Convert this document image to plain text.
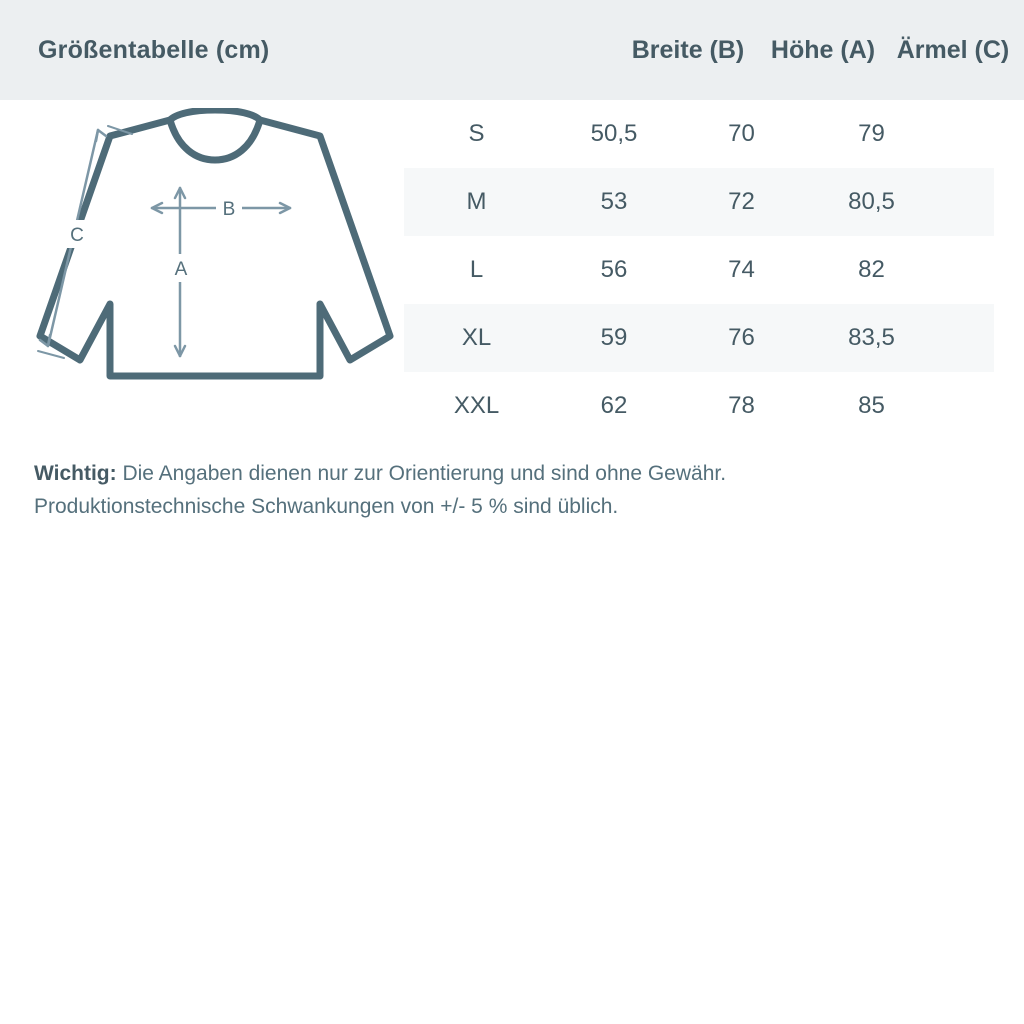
Größentabelle (cm)	Breite (B)	Höhe (A) Ärmel (C)
B
A
C
S	50,5	70	79
M	53	72	80,5
L	56	74	82
XL	59	76	83,5
XXL	62	78	85
Wichtig: Die Angaben dienen nur zur Orientierung und sind ohne Gewähr.
Produktionstechnische Schwankungen von +/- 5 % sind üblich.
